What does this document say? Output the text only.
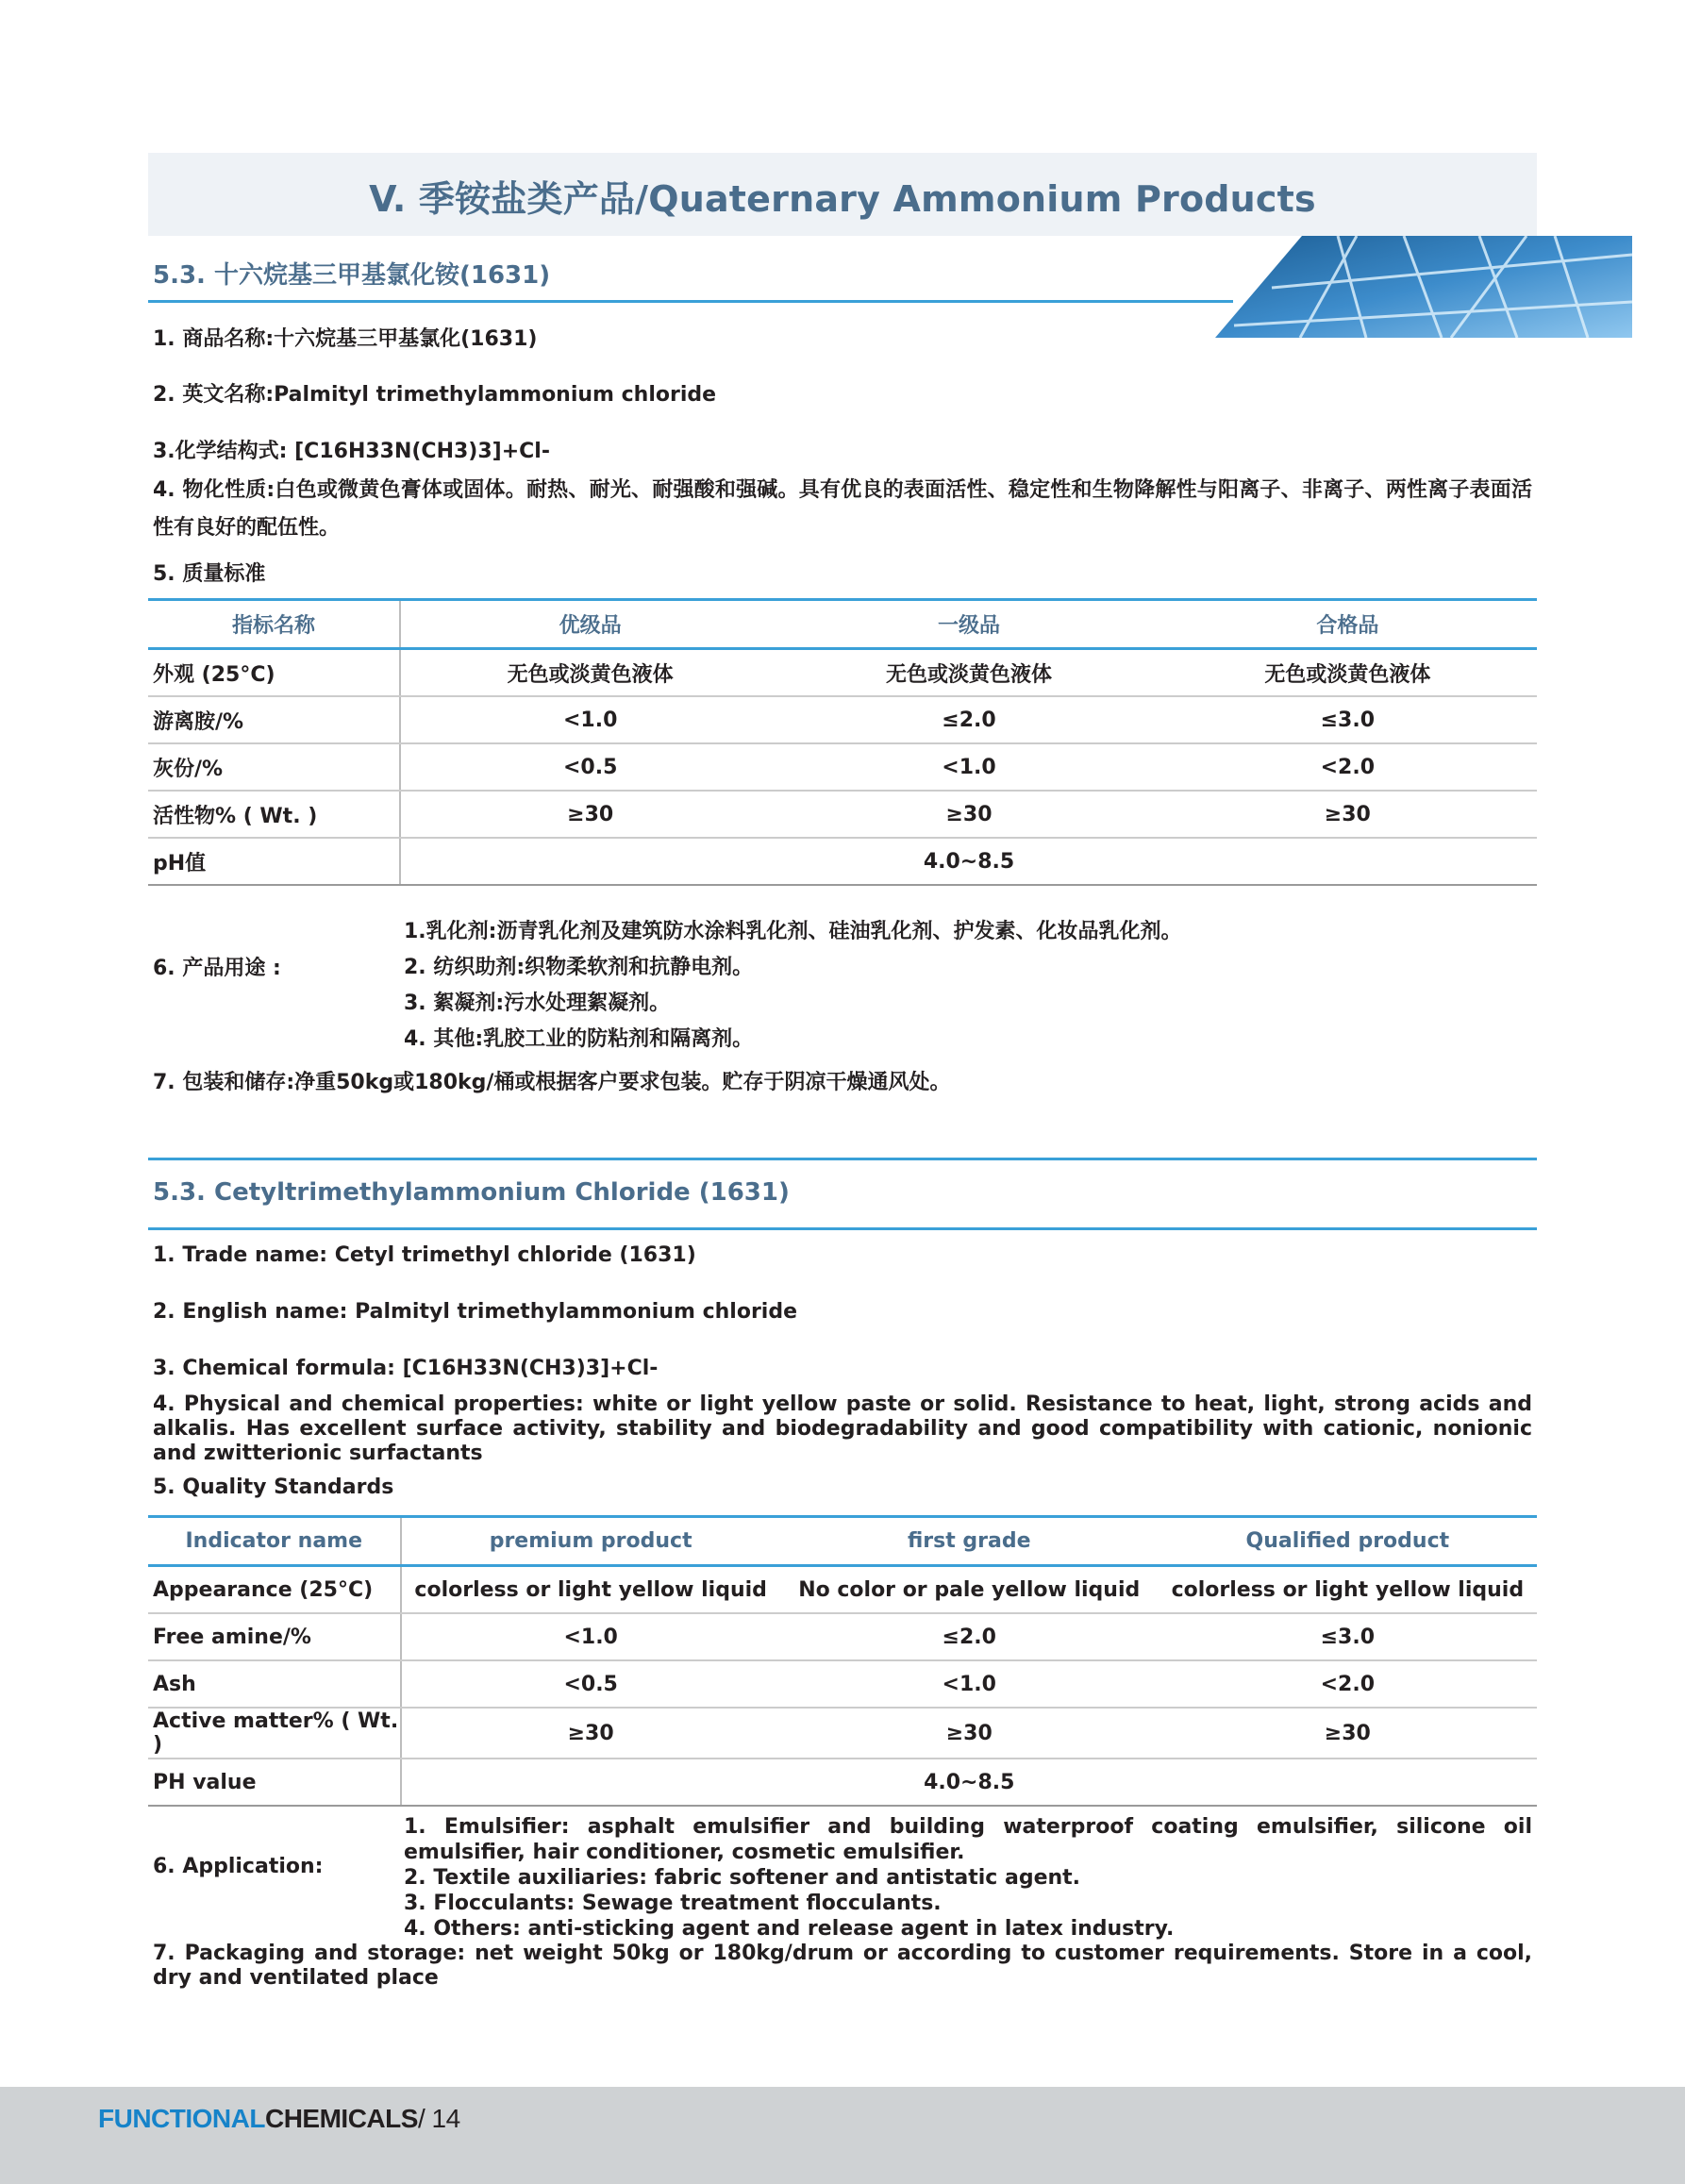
V. 季铵盐类产品/Quaternary Ammonium Products
5.3. 十六烷基三甲基氯化铵(1631)
1. 商品名称:十六烷基三甲基氯化(1631)
2. 英文名称:Palmityl trimethylammonium chloride
3.化学结构式: [C16H33N(CH3)3]+Cl-
4. 物化性质:白色或微黄色膏体或固体。耐热、耐光、耐强酸和强碱。具有优良的表面活性、稳定性和生物降解性与阳离子、非离子、两性离子表面活性有良好的配伍性。
5. 质量标准
指标名称	优级品	一级品	合格品
外观 (25°C)	无色或淡黄色液体	无色或淡黄色液体	无色或淡黄色液体
游离胺/%	<1.0	≤2.0	≤3.0
灰份/%	<0.5	<1.0	<2.0
活性物% ( Wt. )	≥30	≥30	≥30
pH值	4.0~8.5		
6. 产品用途 :
1.乳化剂:沥青乳化剂及建筑防水涂料乳化剂、硅油乳化剂、护发素、化妆品乳化剂。
2. 纺织助剂:织物柔软剂和抗静电剂。
3. 絮凝剂:污水处理絮凝剂。
4. 其他:乳胶工业的防粘剂和隔离剂。
7. 包装和储存:净重50kg或180kg/桶或根据客户要求包装。贮存于阴凉干燥通风处。
5.3. Cetyltrimethylammonium Chloride (1631)
1. Trade name: Cetyl trimethyl chloride (1631)
2. English name: Palmityl trimethylammonium chloride
3. Chemical formula: [C16H33N(CH3)3]+Cl-
4. Physical and chemical properties: white or light yellow paste or solid. Resistance to heat, light, strong acids and alkalis. Has excellent surface activity, stability and biodegradability and good compatibility with cationic, nonionic and zwitterionic surfactants
5. Quality Standards
Indicator name	premium product	first grade	Qualified product
Appearance (25°C)	colorless or light yellow liquid	No color or pale yellow liquid	colorless or light yellow liquid
Free amine/%	<1.0	≤2.0	≤3.0
Ash	<0.5	<1.0	<2.0
Active matter% ( Wt. )	≥30	≥30	≥30
PH value	4.0~8.5		
6. Application:
1. Emulsifier: asphalt emulsifier and building waterproof coating emulsifier, silicone oil emulsifier, hair conditioner, cosmetic emulsifier.
2. Textile auxiliaries: fabric softener and antistatic agent.
3. Flocculants: Sewage treatment flocculants.
4. Others: anti-sticking agent and release agent in latex industry.
7. Packaging and storage: net weight 50kg or 180kg/drum or according to customer requirements. Store in a cool, dry and ventilated place
FUNCTIONALCHEMICALS/ 14
